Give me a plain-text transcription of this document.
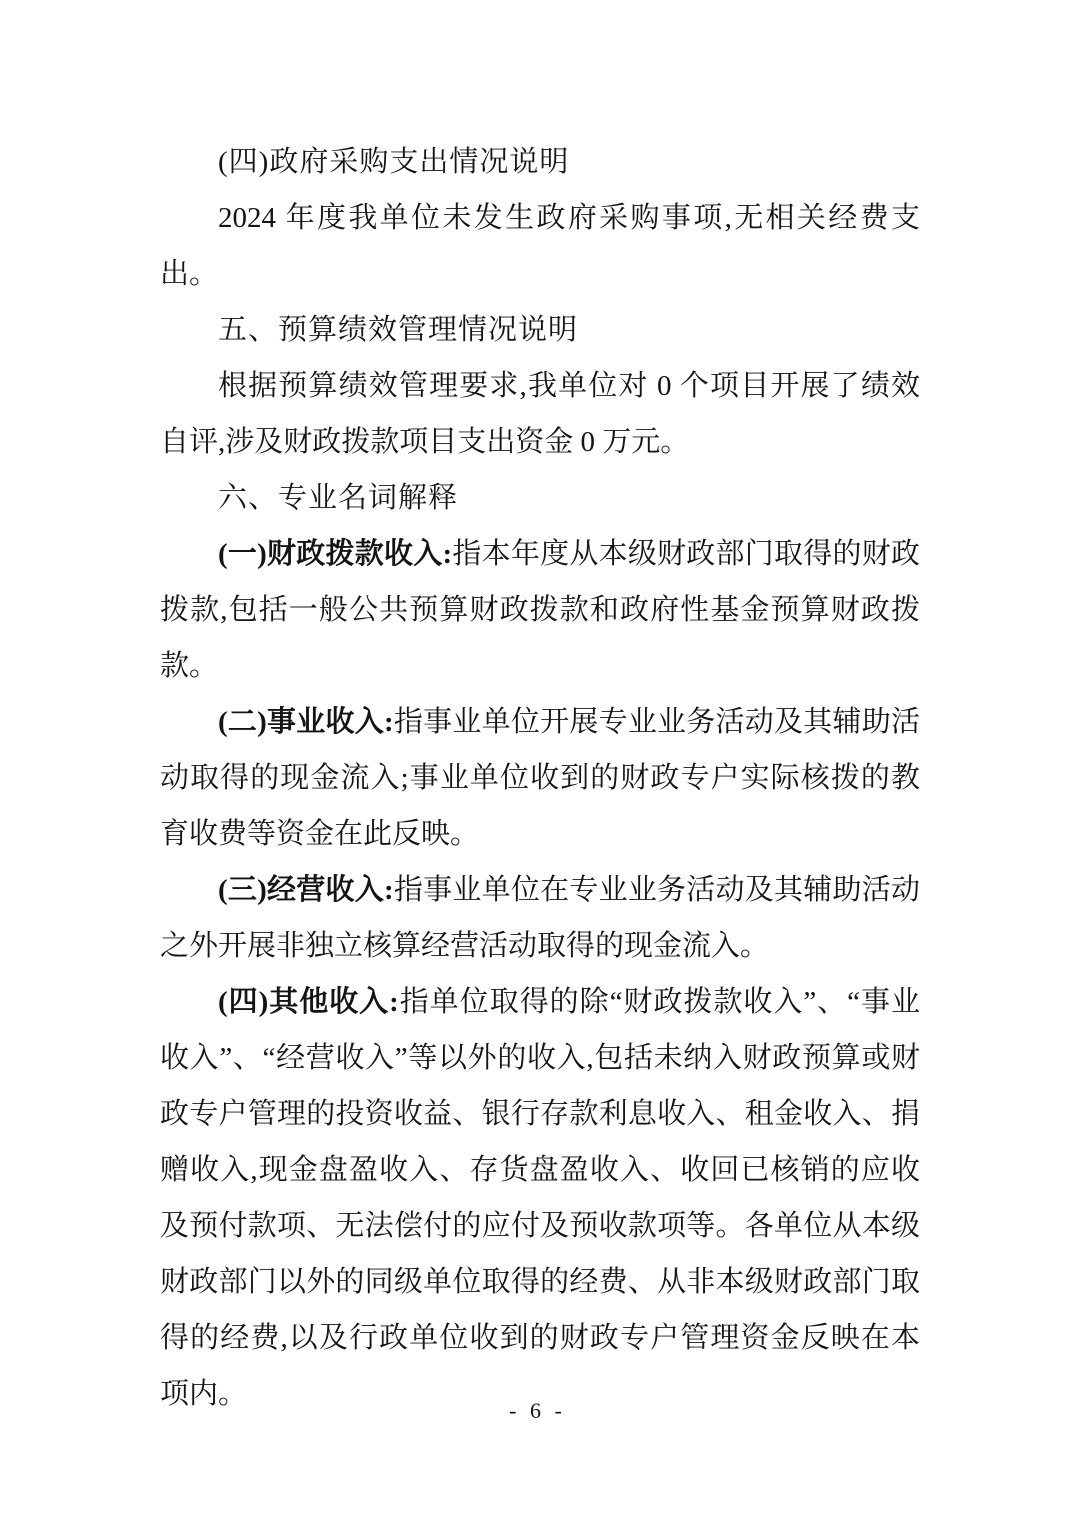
(四)政府采购支出情况说明

2024 年度我单位未发生政府采购事项,无相关经费支出。

五、预算绩效管理情况说明

根据预算绩效管理要求,我单位对 0 个项目开展了绩效自评,涉及财政拨款项目支出资金 0 万元。

六、专业名词解释

(一)财政拨款收入:指本年度从本级财政部门取得的财政拨款,包括一般公共预算财政拨款和政府性基金预算财政拨款。

(二)事业收入:指事业单位开展专业业务活动及其辅助活动取得的现金流入;事业单位收到的财政专户实际核拨的教育收费等资金在此反映。

(三)经营收入:指事业单位在专业业务活动及其辅助活动之外开展非独立核算经营活动取得的现金流入。

(四)其他收入:指单位取得的除“财政拨款收入”、“事业收入”、“经营收入”等以外的收入,包括未纳入财政预算或财政专户管理的投资收益、银行存款利息收入、租金收入、捐赠收入,现金盘盈收入、存货盘盈收入、收回已核销的应收及预付款项、无法偿付的应付及预收款项等。各单位从本级财政部门以外的同级单位取得的经费、从非本级财政部门取得的经费,以及行政单位收到的财政专户管理资金反映在本项内。

- 6 -
